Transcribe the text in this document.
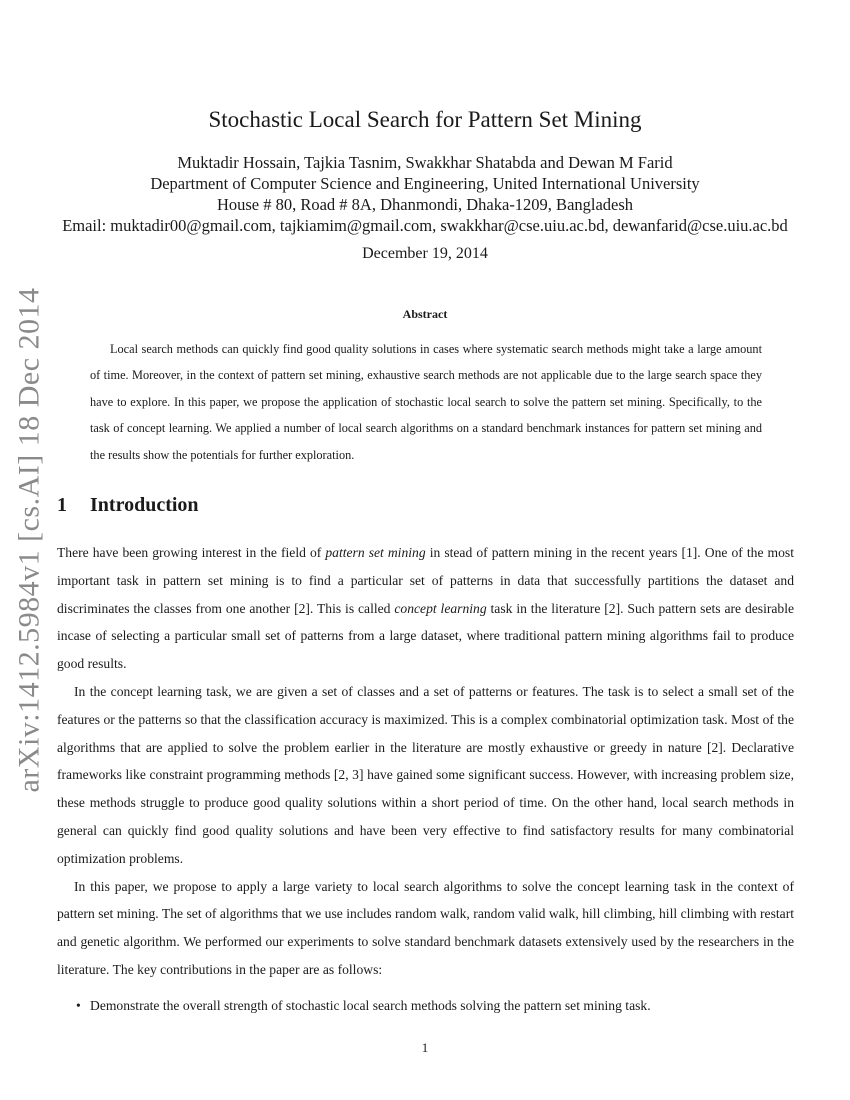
arXiv:1412.5984v1 [cs.AI] 18 Dec 2014
Stochastic Local Search for Pattern Set Mining
Muktadir Hossain, Tajkia Tasnim, Swakkhar Shatabda and Dewan M Farid
Department of Computer Science and Engineering, United International University
House # 80, Road # 8A, Dhanmondi, Dhaka-1209, Bangladesh
Email: muktadir00@gmail.com, tajkiamim@gmail.com, swakkhar@cse.uiu.ac.bd, dewanfarid@cse.uiu.ac.bd
December 19, 2014
Abstract
Local search methods can quickly find good quality solutions in cases where systematic search methods might take a large amount of time. Moreover, in the context of pattern set mining, exhaustive search methods are not applicable due to the large search space they have to explore. In this paper, we propose the application of stochastic local search to solve the pattern set mining. Specifically, to the task of concept learning. We applied a number of local search algorithms on a standard benchmark instances for pattern set mining and the results show the potentials for further exploration.
1 Introduction

There have been growing interest in the field of pattern set mining in stead of pattern mining in the recent years [1]. One of the most important task in pattern set mining is to find a particular set of patterns in data that successfully partitions the dataset and discriminates the classes from one another [2]. This is called concept learning task in the literature [2]. Such pattern sets are desirable incase of selecting a particular small set of patterns from a large dataset, where traditional pattern mining algorithms fail to produce good results.

In the concept learning task, we are given a set of classes and a set of patterns or features. The task is to select a small set of the features or the patterns so that the classification accuracy is maximized. This is a complex combinatorial optimization task. Most of the algorithms that are applied to solve the problem earlier in the literature are mostly exhaustive or greedy in nature [2]. Declarative frameworks like constraint programming methods [2, 3] have gained some significant success. However, with increasing problem size, these methods struggle to produce good quality solutions within a short period of time. On the other hand, local search methods in general can quickly find good quality solutions and have been very effective to find satisfactory results for many combinatorial optimization problems.

In this paper, we propose to apply a large variety to local search algorithms to solve the concept learning task in the context of pattern set mining. The set of algorithms that we use includes random walk, random valid walk, hill climbing, hill climbing with restart and genetic algorithm. We performed our experiments to solve standard benchmark datasets extensively used by the researchers in the literature. The key contributions in the paper are as follows:

• Demonstrate the overall strength of stochastic local search methods solving the pattern set mining task.
1
